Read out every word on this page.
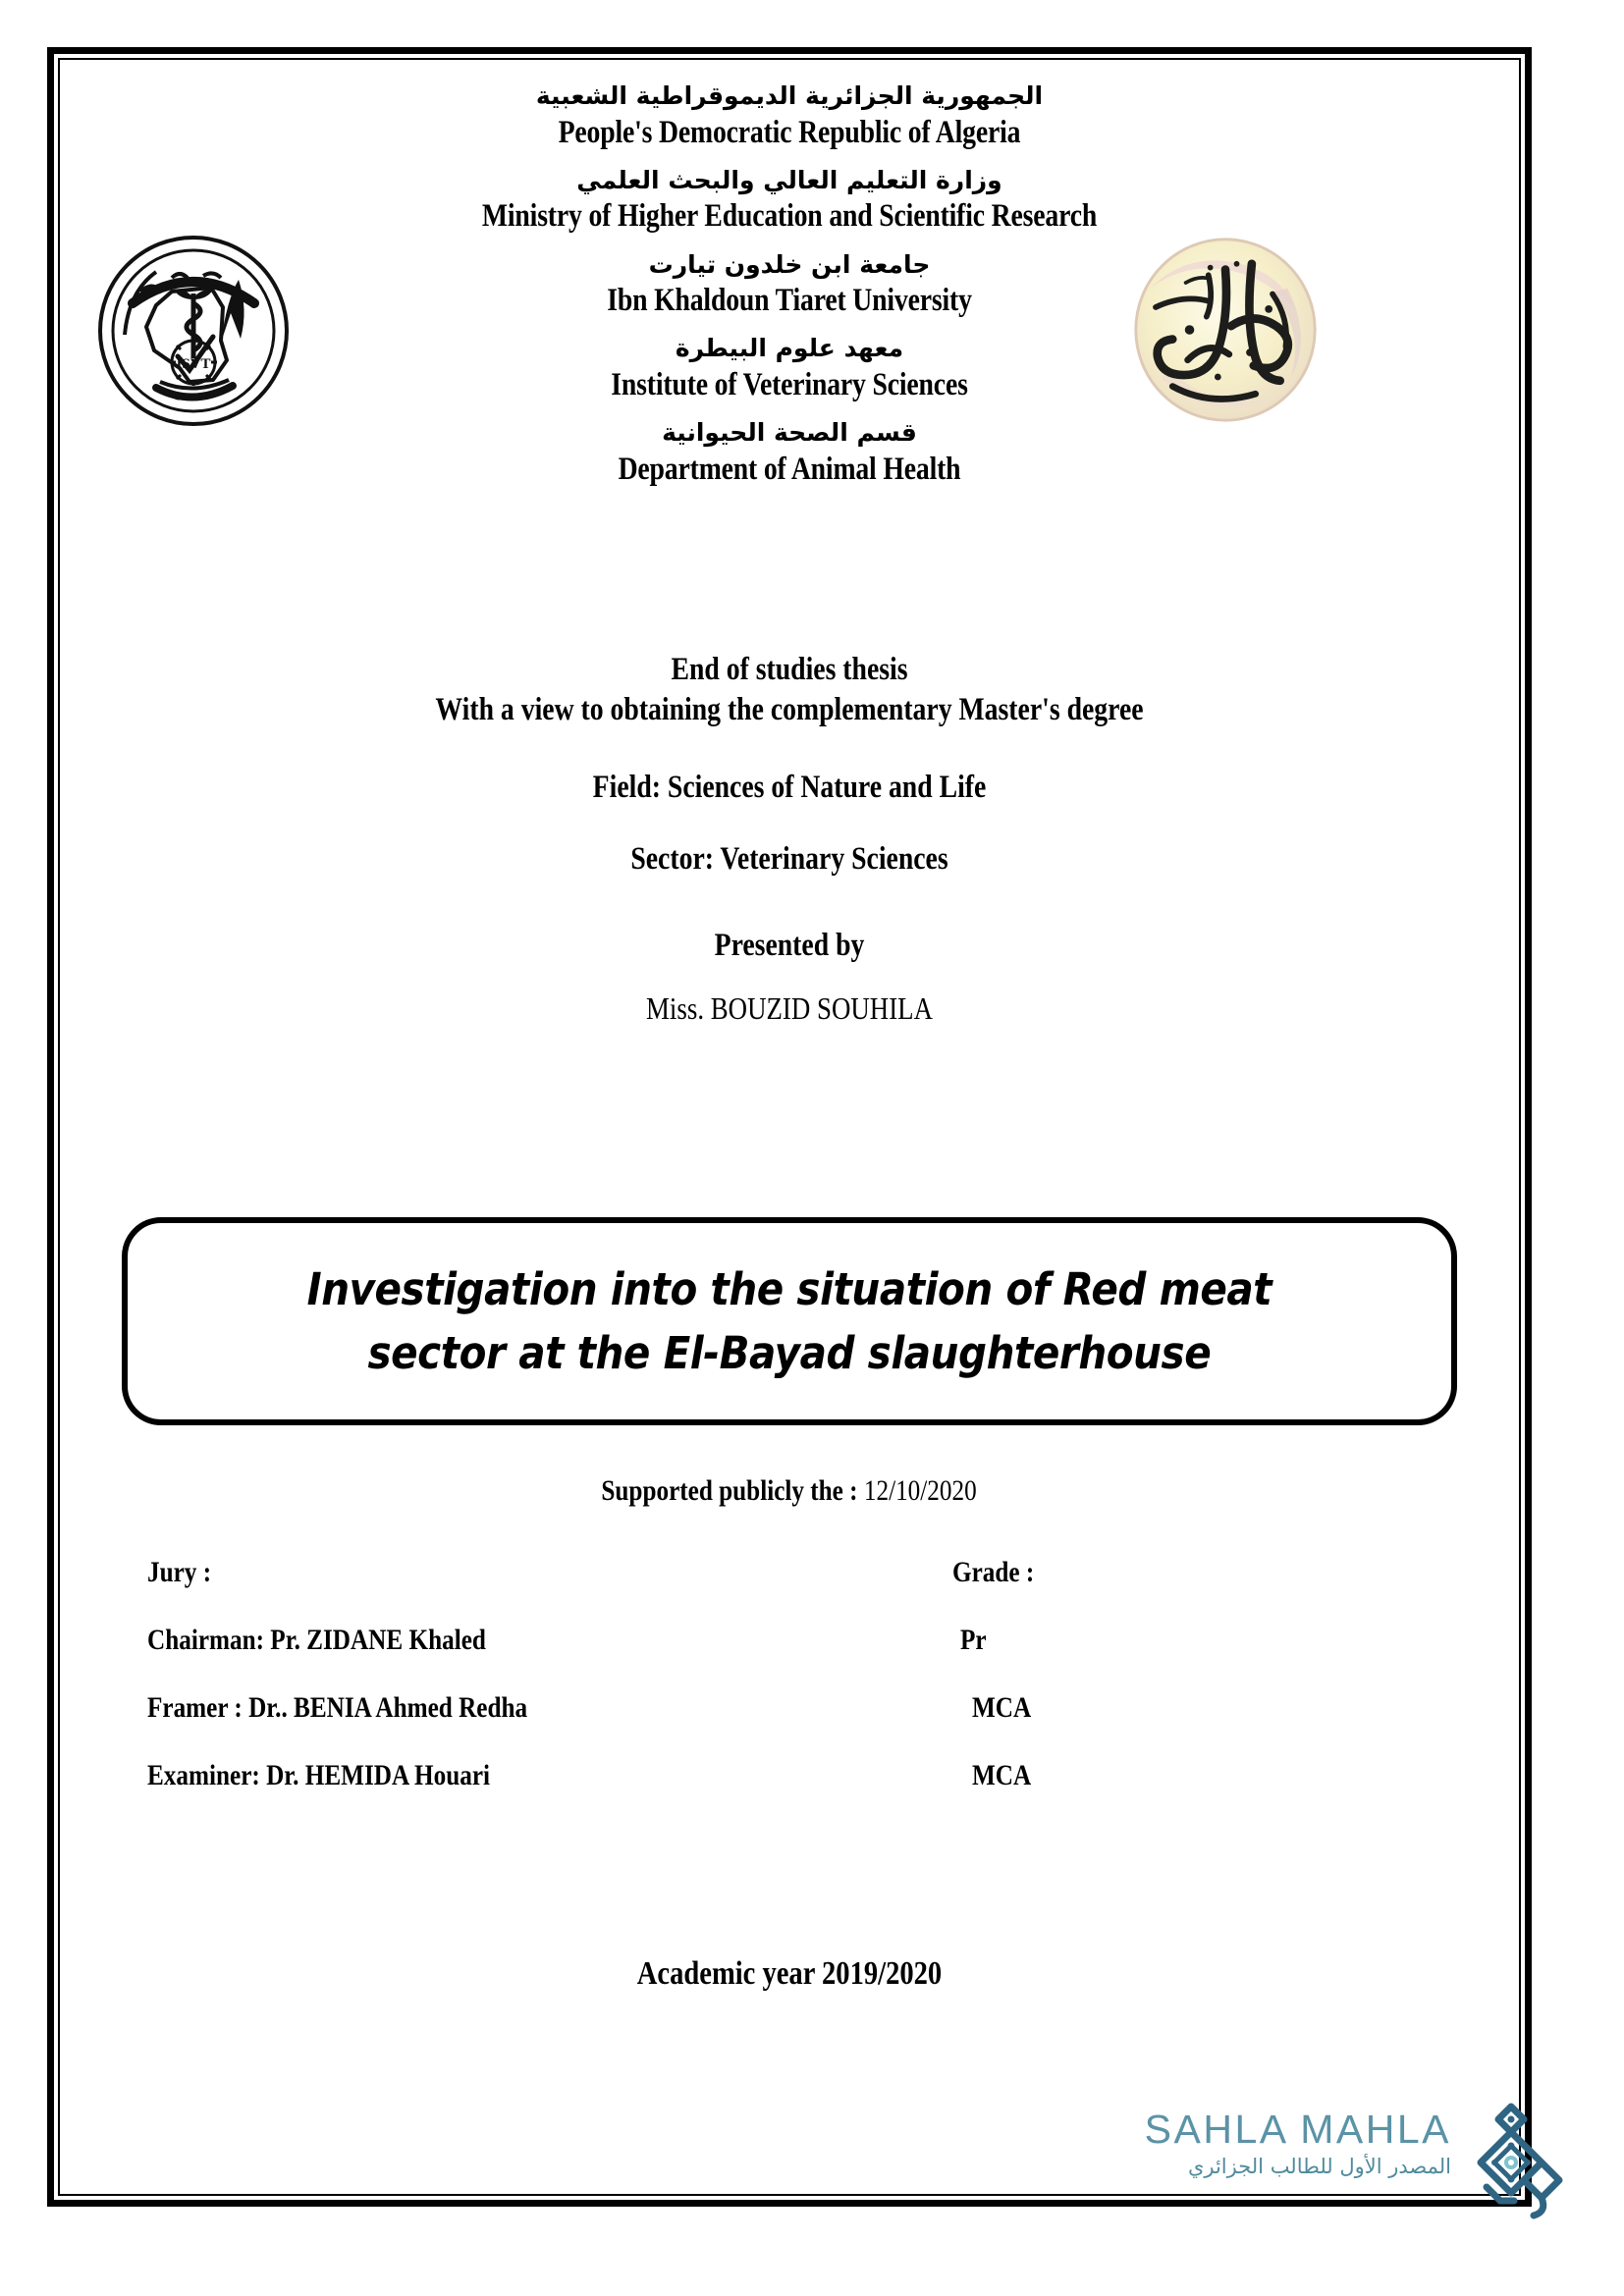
الجمهورية الجزائرية الديموقراطية الشعبية
People's Democratic Republic of Algeria
وزارة التعليم العالي والبحث العلمي
Ministry of Higher Education and Scientific Research
جامعة ابن خلدون تيارت
Ibn Khaldoun Tiaret University
معهد علوم البيطرة
Institute of Veterinary Sciences
قسم الصحة الحيوانية
Department of Animal Health
ISVT
End of studies thesis
With a view to obtaining the complementary Master's degree
Field: Sciences of Nature and Life
Sector: Veterinary Sciences
Presented by
Miss. BOUZID SOUHILA
Investigation into the situation of Red meat
sector at the El-Bayad slaughterhouse
Supported publicly the : 12/10/2020
Jury :	Grade :
Chairman: Pr. ZIDANE Khaled	Pr
Framer : Dr.. BENIA Ahmed Redha	MCA
Examiner: Dr. HEMIDA Houari	MCA
Academic year 2019/2020
SAHLA MAHLA
المصدر الأول للطالب الجزائري
